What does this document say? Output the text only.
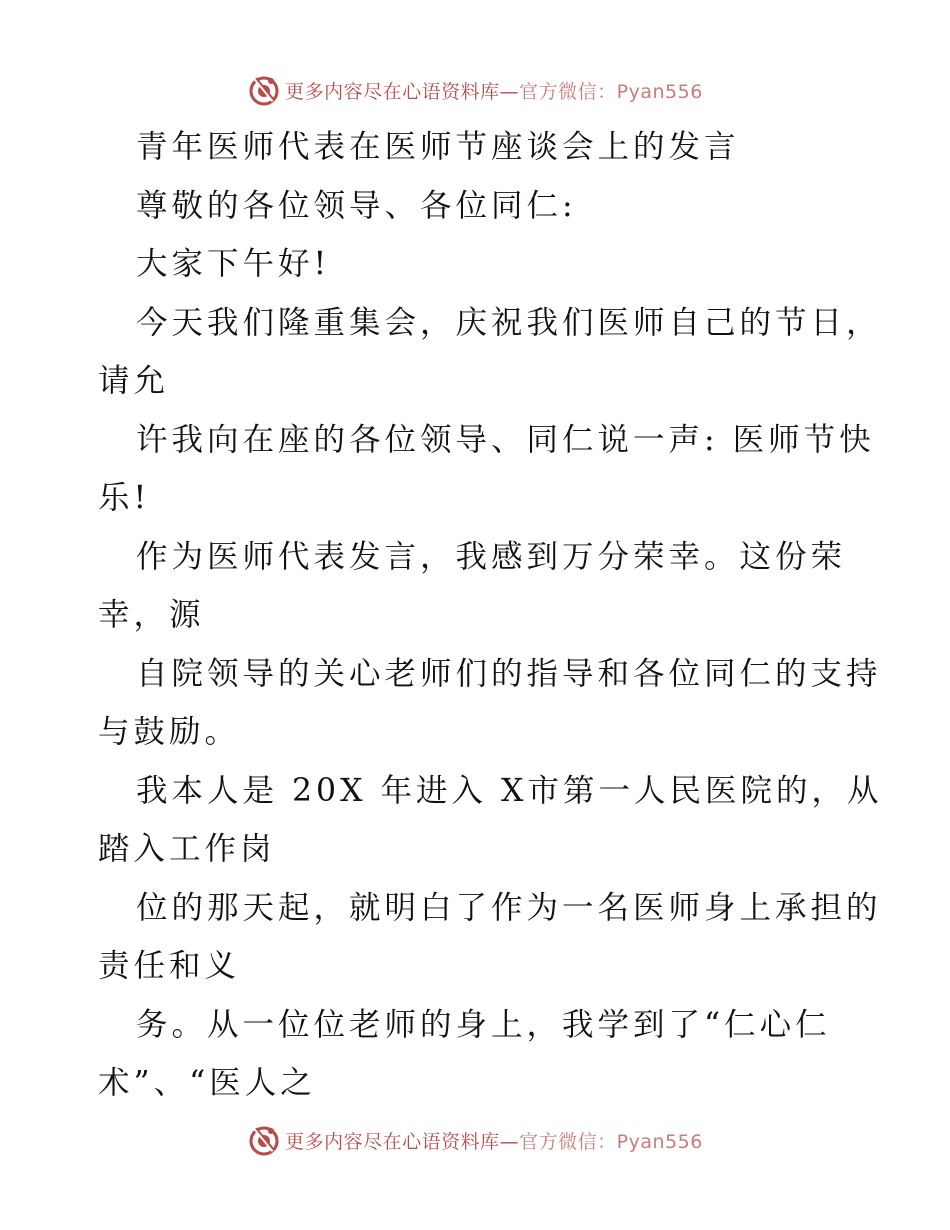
更多内容尽在心语资料库—官方微信：Pyan556
青年医师代表在医师节座谈会上的发言
尊敬的各位领导、各位同仁:
大家下午好!
今天我们隆重集会，庆祝我们医师自己的节日，
请允
许我向在座的各位领导、同仁说一声: 医师节快
乐!
作为医师代表发言，我感到万分荣幸。这份荣
幸，源
自院领导的关心老师们的指导和各位同仁的支持
与鼓励。
我本人是 20X 年进入 X市第一人民医院的，从
踏入工作岗
位的那天起，就明白了作为一名医师身上承担的
责任和义
务。从一位位老师的身上，我学到了“仁心仁
术”、“医人之
更多内容尽在心语资料库—官方微信：Pyan556
